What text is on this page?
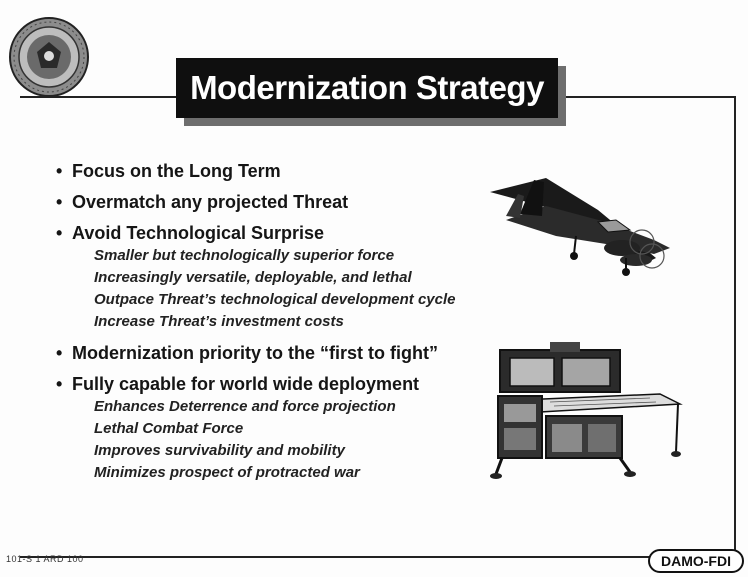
Modernization Strategy
• Focus on the Long Term
• Overmatch any projected Threat
• Avoid Technological Surprise
Smaller but technologically superior force
Increasingly versatile, deployable, and lethal
Outpace Threat’s technological development cycle
Increase Threat’s investment costs
• Modernization priority to the “first to fight”
• Fully capable for world wide deployment
Enhances Deterrence and force projection
Lethal Combat Force
Improves survivability and mobility
Minimizes prospect of protracted war
101-S 1 ARD 100	DAMO-FDI
